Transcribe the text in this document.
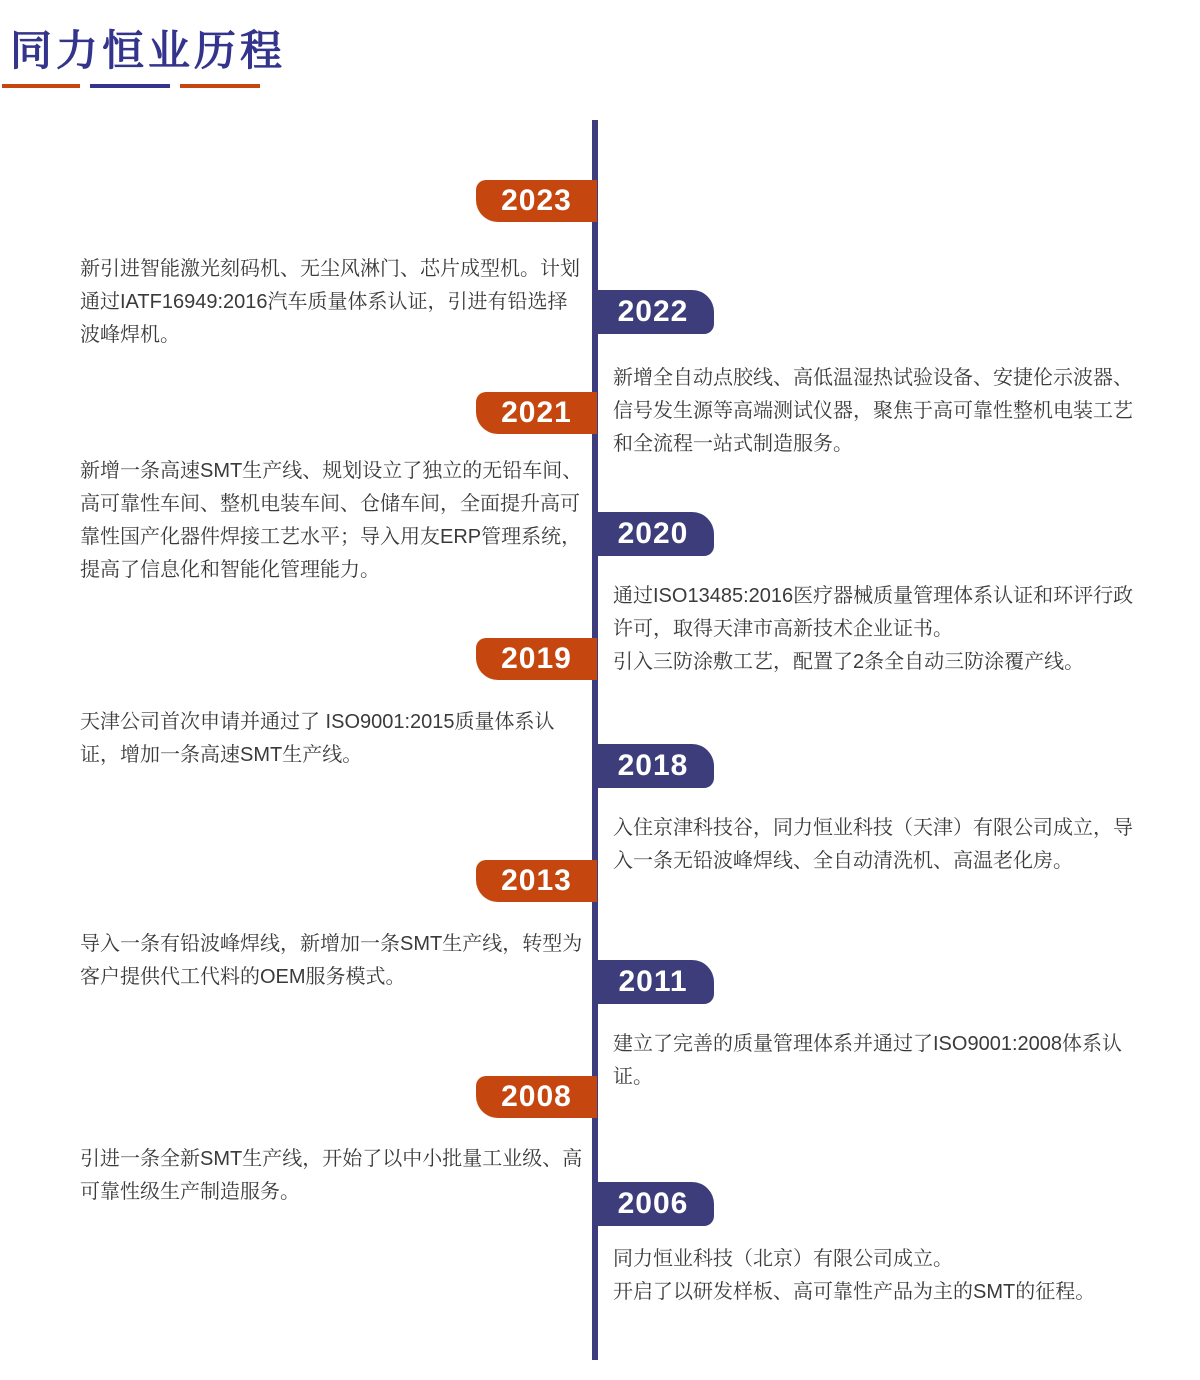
同力恒业历程
2023
新引进智能激光刻码机、无尘风淋门、芯片成型机。计划通过IATF16949:2016汽车质量体系认证，引进有铅选择波峰焊机。
2022
新增全自动点胶线、高低温湿热试验设备、安捷伦示波器、信号发生源等高端测试仪器，聚焦于高可靠性整机电装工艺和全流程一站式制造服务。
2021
新增一条高速SMT生产线、规划设立了独立的无铅车间、高可靠性车间、整机电装车间、仓储车间，全面提升高可靠性国产化器件焊接工艺水平；导入用友ERP管理系统，提高了信息化和智能化管理能力。
2020

通过ISO13485:2016医疗器械质量管理体系认证和环评行政许可，取得天津市高新技术企业证书。

引入三防涂敷工艺，配置了2条全自动三防涂覆产线。

2019
天津公司首次申请并通过了 ISO9001:2015质量体系认证，增加一条高速SMT生产线。	2018
入住京津科技谷，同力恒业科技（天津）有限公司成立，导入一条无铅波峰焊线、全自动清洗机、高温老化房。
2013
导入一条有铅波峰焊线，新增加一条SMT生产线，转型为客户提供代工代料的OEM服务模式。	2011
建立了完善的质量管理体系并通过了ISO9001:2008体系认证。
2008
引进一条全新SMT生产线，开始了以中小批量工业级、高可靠性级生产制造服务。	2006

同力恒业科技（北京）有限公司成立。

开启了以研发样板、高可靠性产品为主的SMT的征程。
